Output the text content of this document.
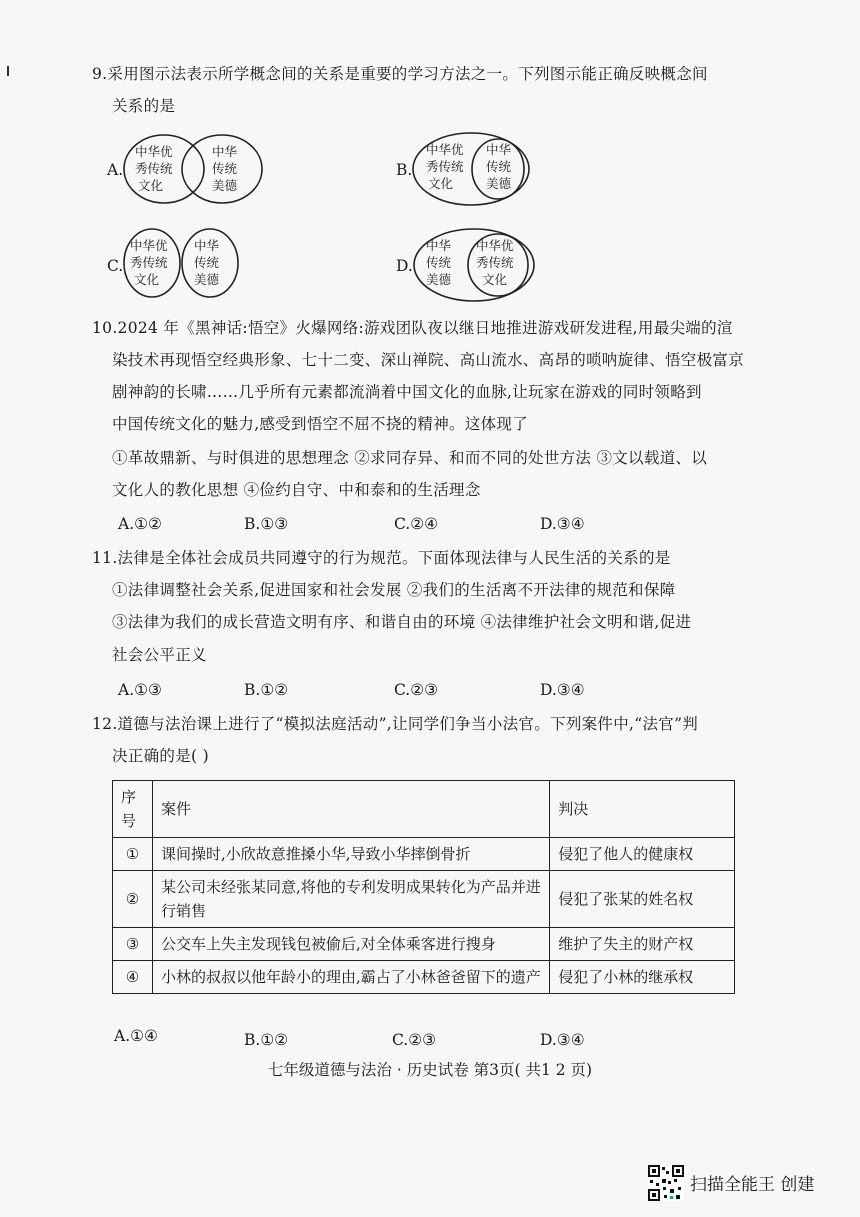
9.采用图示法表示所学概念间的关系是重要的学习方法之一。下列图示能正确反映概念间
关系的是
A.
中华优
秀传统
文化
中华
传统
美德
B.
中华优
秀传统
文化
中华
传统
美德
C.
中华优
秀传统
文化
中华
传统
美德
D.
中华
传统
美德
中华优
秀传统
文化
10.2024 年《黑神话:悟空》火爆网络:游戏团队夜以继日地推进游戏研发进程,用最尖端的渲
染技术再现悟空经典形象、七十二变、深山禅院、高山流水、高昂的唢呐旋律、悟空极富京
剧神韵的长啸……几乎所有元素都流淌着中国文化的血脉,让玩家在游戏的同时领略到
中国传统文化的魅力,感受到悟空不屈不挠的精神。这体现了
①革故鼎新、与时俱进的思想理念 ②求同存异、和而不同的处世方法 ③文以载道、以
文化人的教化思想 ④俭约自守、中和泰和的生活理念
A.①②	B.①③	C.②④	D.③④
11.法律是全体社会成员共同遵守的行为规范。下面体现法律与人民生活的关系的是
①法律调整社会关系,促进国家和社会发展 ②我们的生活离不开法律的规范和保障
③法律为我们的成长营造文明有序、和谐自由的环境 ④法律维护社会文明和谐,促进
社会公平正义
A.①③	B.①②	C.②③	D.③④
12.道德与法治课上进行了“模拟法庭活动”,让同学们争当小法官。下列案件中,“法官”判
决正确的是( )
序号	案件	判决
①	课间操时,小欣故意推搡小华,导致小华摔倒骨折	侵犯了他人的健康权
②	某公司未经张某同意,将他的专利发明成果转化为产品并进行销售	侵犯了张某的姓名权
③	公交车上失主发现钱包被偷后,对全体乘客进行搜身	维护了失主的财产权
④	小林的叔叔以他年龄小的理由,霸占了小林爸爸留下的遗产	侵犯了小林的继承权
A.①④	B.①②	C.②③	D.③④
七年级道德与法治 · 历史试卷 第3页( 共1 2 页)
扫描全能王 创建
